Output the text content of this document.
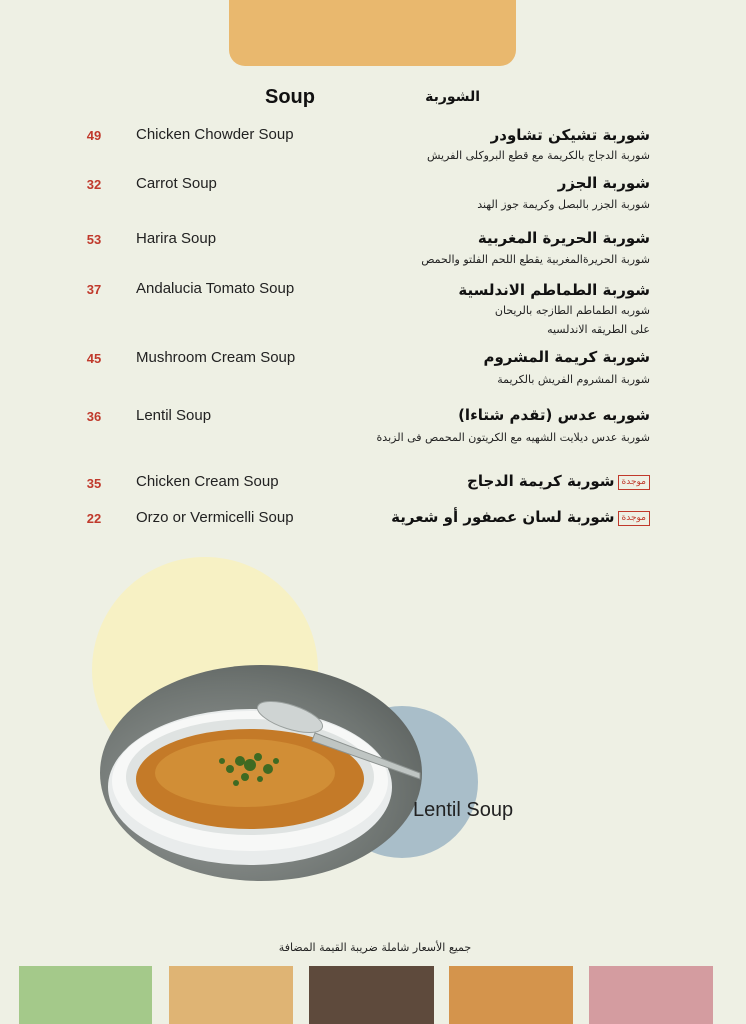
Soup	الشوربة
49	Chicken Chowder Soup	شوربة تشيكن تشاودر
شوربة الدجاج بالكريمة مع قطع البروكلى الفريش
32	Carrot Soup	شوربة الجزر
شوربة الجزر بالبصل وكريمة جوز الهند
53	Harira Soup	شوربة الحريرة المغربية
شوربة الحريرةالمغربية يقطع اللحم الفلتو والحمص
37	Andalucia Tomato Soup	شوربة الطماطم الاندلسية
شوربه الطماطم الطازجه بالريحان
على الطريقه الاندلسيه
45	Mushroom Cream Soup	شوربة كريمة المشروم
شوربة المشروم الفريش بالكريمة
36	Lentil Soup	شوربه عدس (تقدم شتاءا)
شوربة عدس ديلايت الشهيه مع الكريتون المحمص فى الزبدة
35	Chicken Cream Soup	موجدةشوربة كريمة الدجاج
22	Orzo or Vermicelli Soup	موجدةشوربة لسان عصفور أو شعرية
Lentil Soup
جميع الأسعار شاملة ضريبة القيمة المضافة
